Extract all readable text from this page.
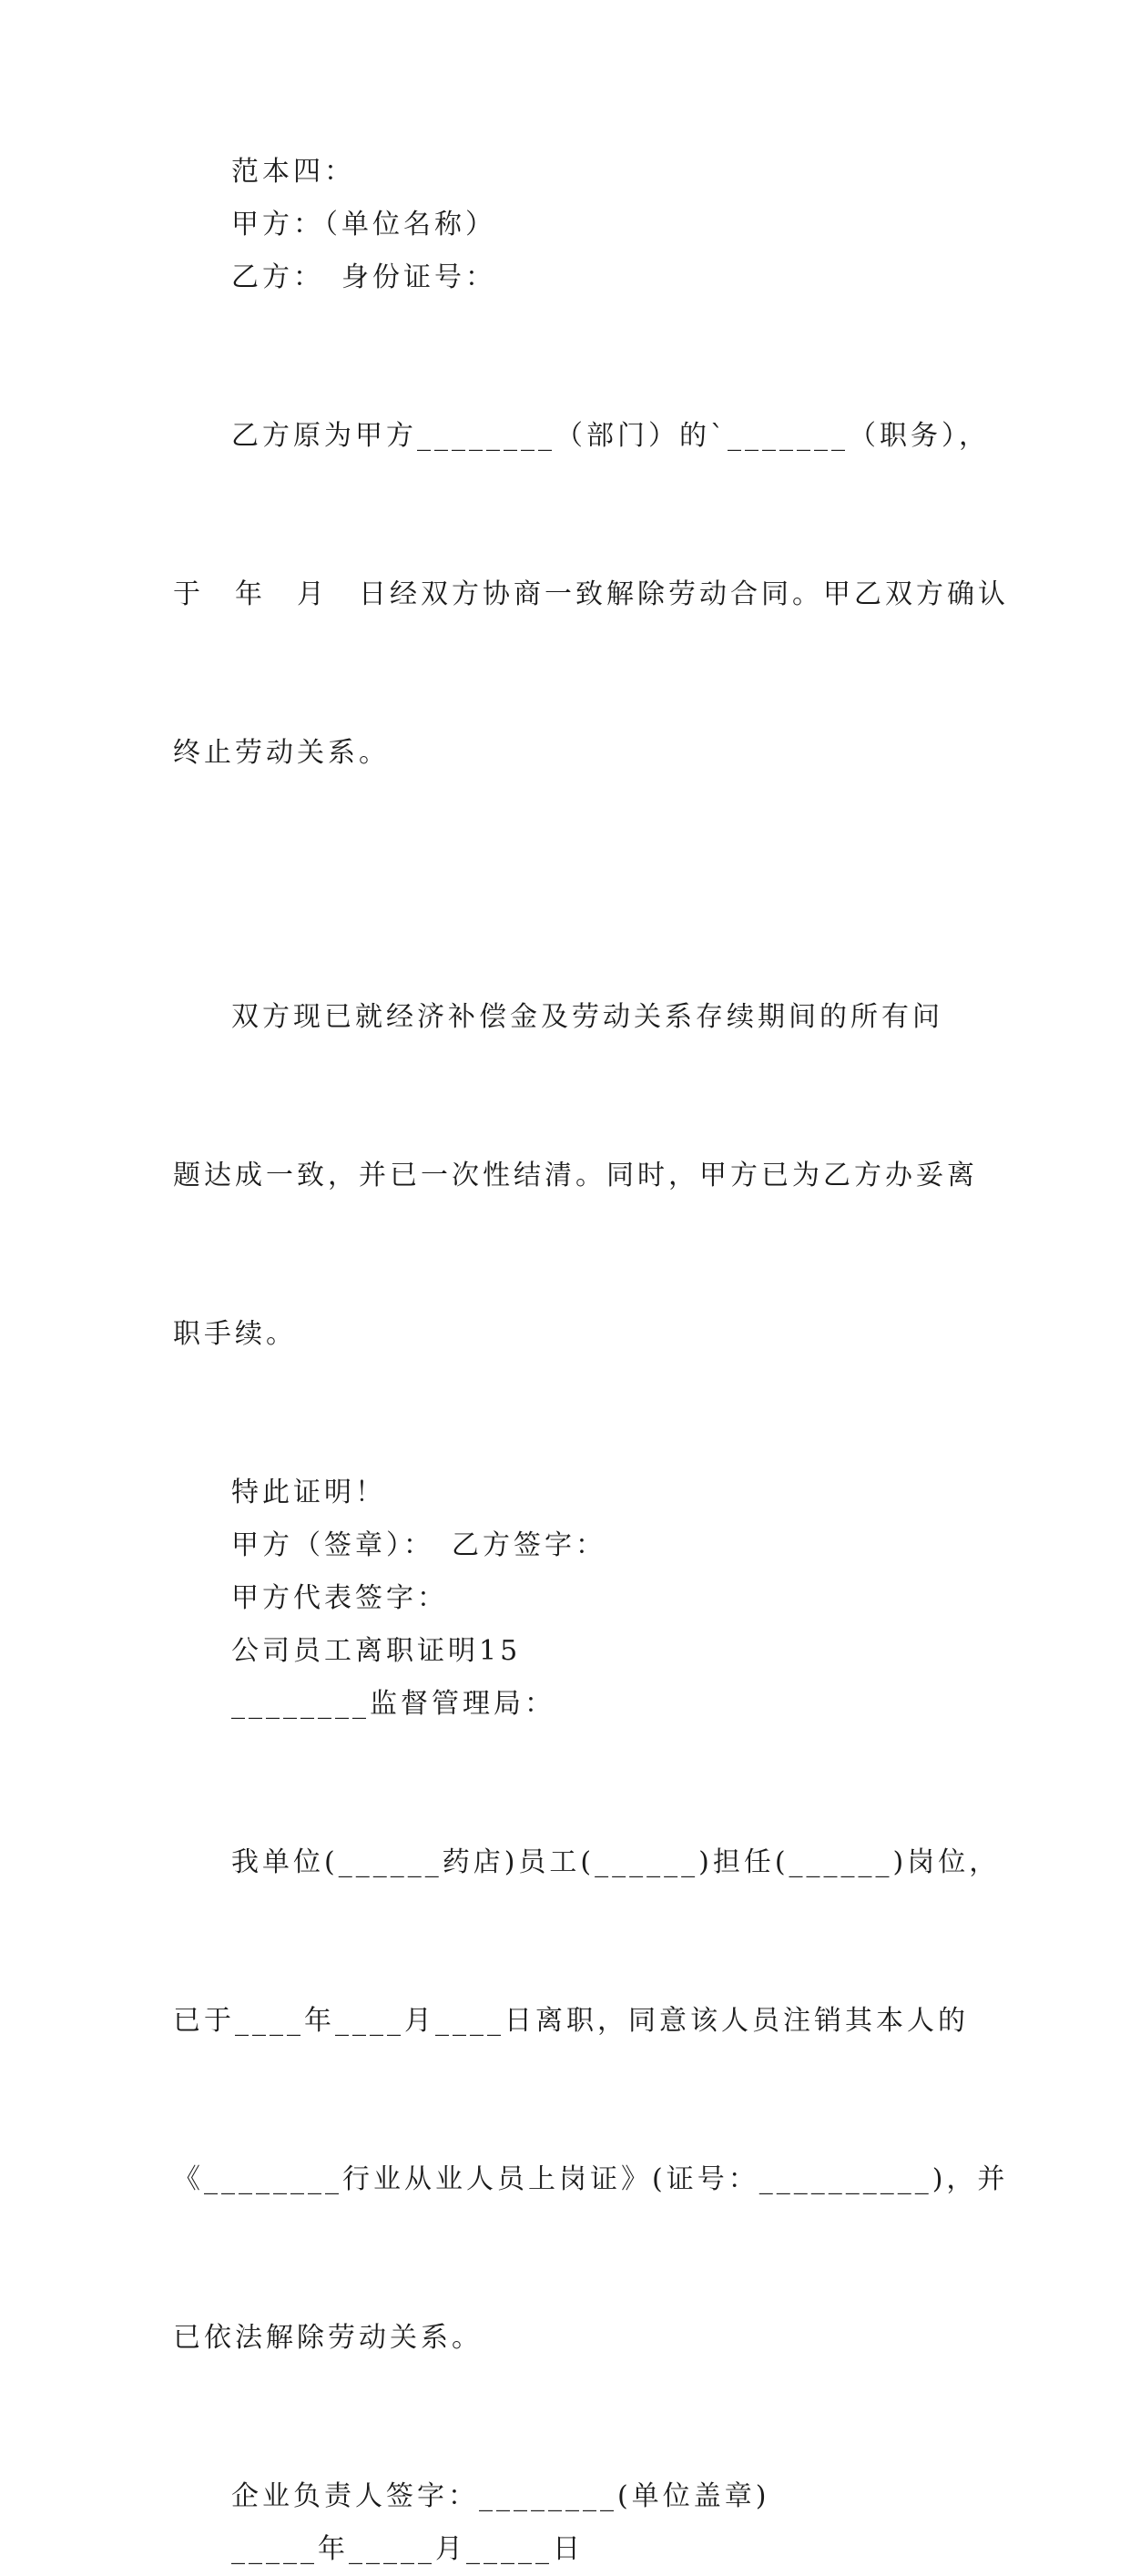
范本四：

甲方：（单位名称）

乙方：　身份证号：

乙方原为甲方________（部门）的`_______（职务），

于　年　月　日经双方协商一致解除劳动合同。甲乙双方确认

终止劳动关系。

双方现已就经济补偿金及劳动关系存续期间的所有问

题达成一致，并已一次性结清。同时，甲方已为乙方办妥离

职手续。

特此证明！

甲方（签章）：　乙方签字：

甲方代表签字：

公司员工离职证明15

________监督管理局：

我单位(______药店)员工(______)担任(______)岗位，

已于____年____月____日离职，同意该人员注销其本人的

《________行业从业人员上岗证》(证号：__________)，并

已依法解除劳动关系。

企业负责人签字：________(单位盖章)

_____年_____月_____日
